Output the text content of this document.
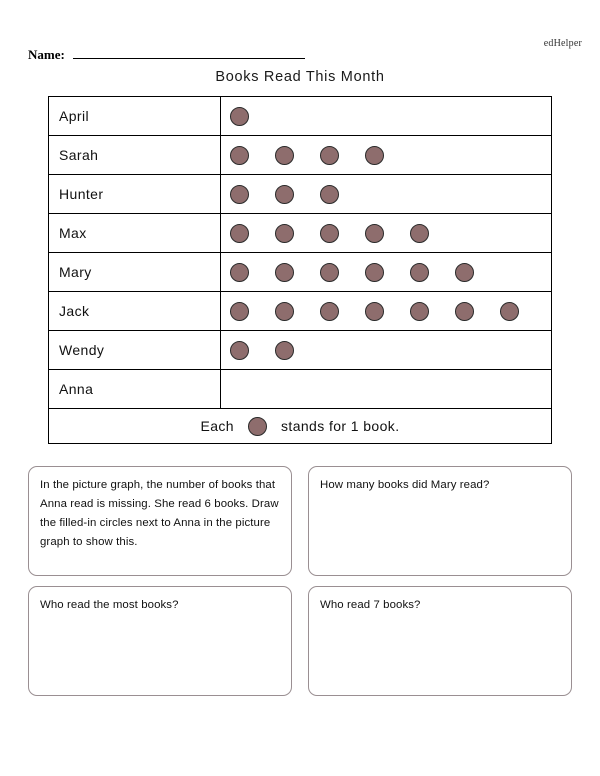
edHelper
Name:
Books Read This Month
April
Sarah
Hunter
Max
Mary
Jack
Wendy
Anna
Each	stands for 1 book.
In the picture graph, the number of books that Anna read is missing. She read 6 books. Draw the filled-in circles next to Anna in the picture graph to show this.
How many books did Mary read?
Who read the most books?	Who read 7 books?
